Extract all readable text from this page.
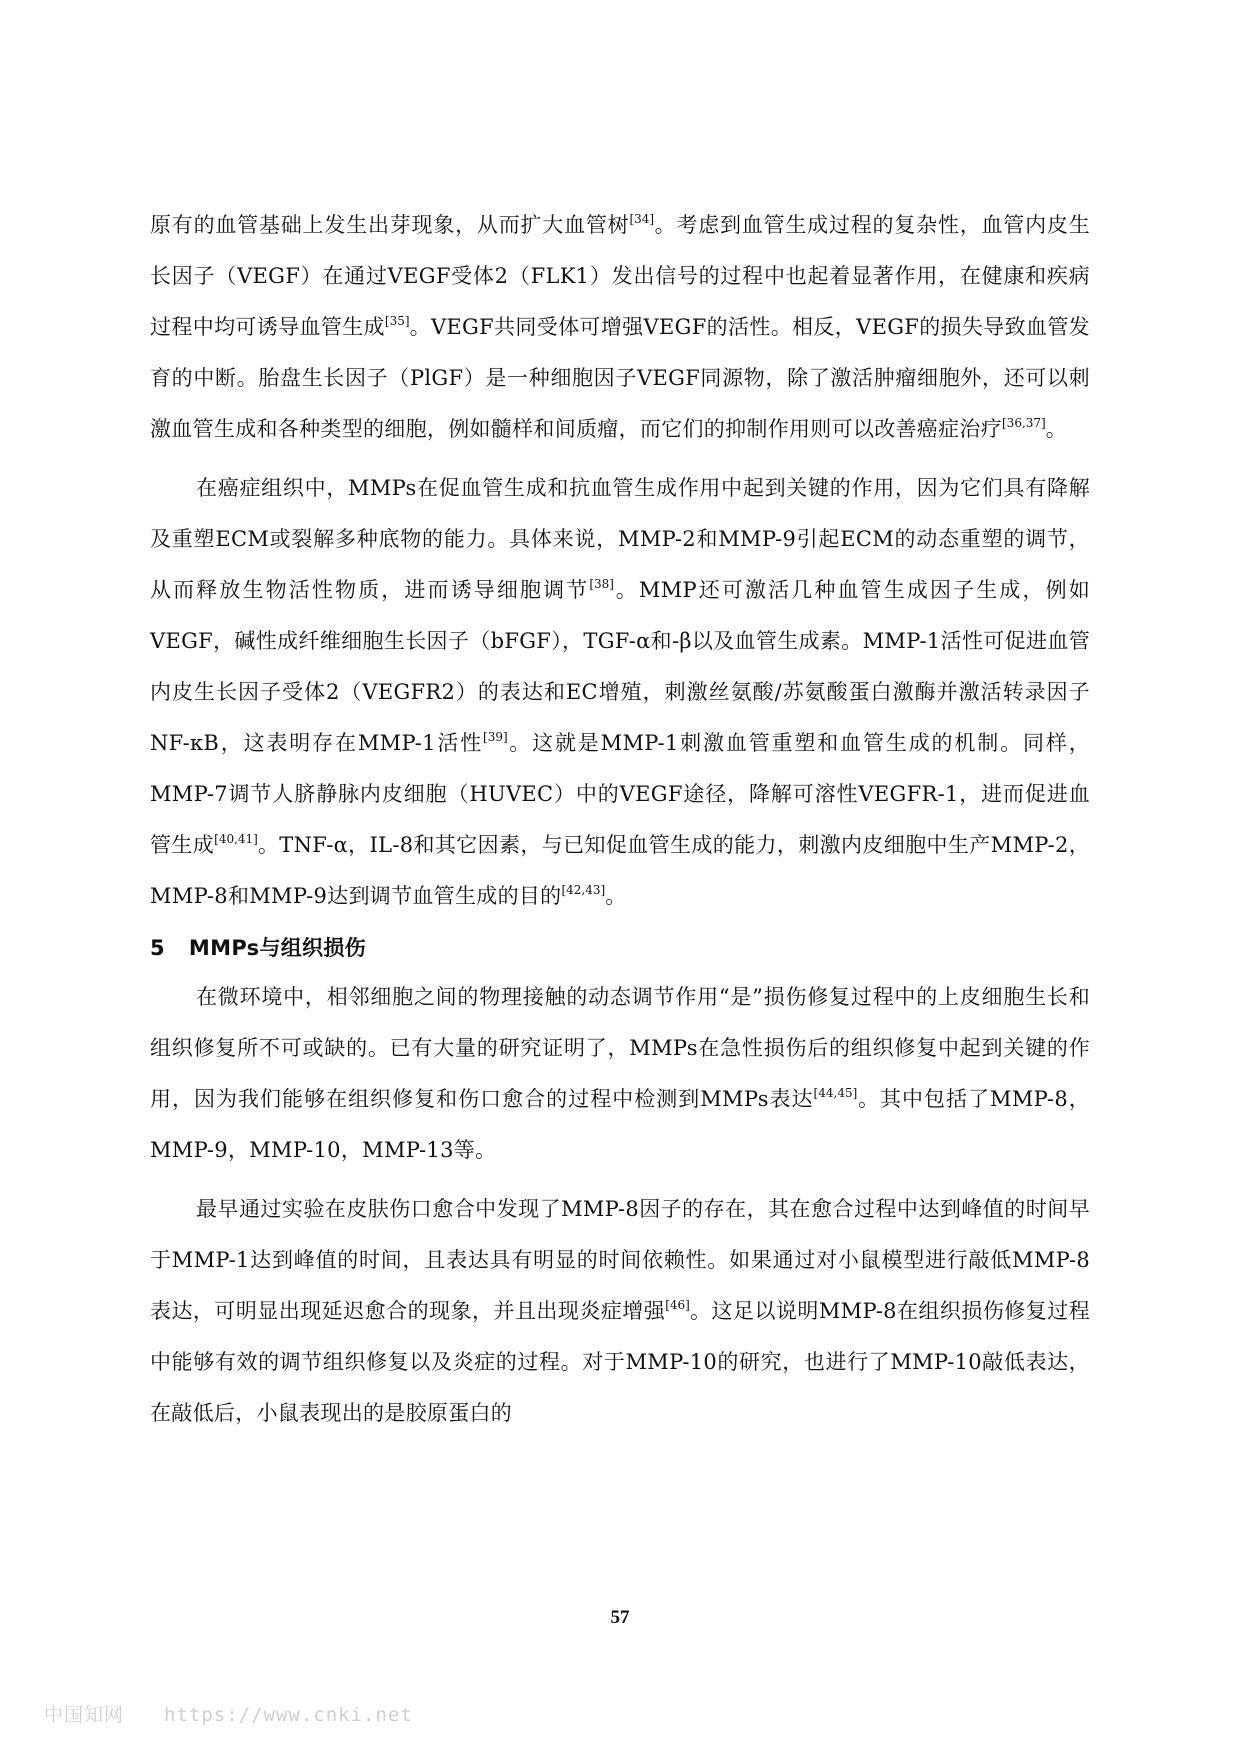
原有的血管基础上发生出芽现象，从而扩大血管树[34]。考虑到血管生成过程的复杂性，血管内皮生长因子（VEGF）在通过VEGF受体2（FLK1）发出信号的过程中也起着显著作用，在健康和疾病过程中均可诱导血管生成[35]。VEGF共同受体可增强VEGF的活性。相反，VEGF的损失导致血管发育的中断。胎盘生长因子（PlGF）是一种细胞因子VEGF同源物，除了激活肿瘤细胞外，还可以刺激血管生成和各种类型的细胞，例如髓样和间质瘤，而它们的抑制作用则可以改善癌症治疗[36,37]。

在癌症组织中，MMPs在促血管生成和抗血管生成作用中起到关键的作用，因为它们具有降解及重塑ECM或裂解多种底物的能力。具体来说，MMP-2和MMP-9引起ECM的动态重塑的调节，从而释放生物活性物质，进而诱导细胞调节[38]。MMP还可激活几种血管生成因子生成，例如VEGF，碱性成纤维细胞生长因子（bFGF），TGF-α和-β以及血管生成素。MMP-1活性可促进血管内皮生长因子受体2（VEGFR2）的表达和EC增殖，刺激丝氨酸/苏氨酸蛋白激酶并激活转录因子NF-κB，这表明存在MMP-1活性[39]。这就是MMP-1刺激血管重塑和血管生成的机制。同样，MMP-7调节人脐静脉内皮细胞（HUVEC）中的VEGF途径，降解可溶性VEGFR-1，进而促进血管生成[40,41]。TNF-α，IL-8和其它因素，与已知促血管生成的能力，刺激内皮细胞中生产MMP-2，MMP-8和MMP-9达到调节血管生成的目的[42,43]。

5 MMPs与组织损伤

在微环境中，相邻细胞之间的物理接触的动态调节作用“是”损伤修复过程中的上皮细胞生长和组织修复所不可或缺的。已有大量的研究证明了，MMPs在急性损伤后的组织修复中起到关键的作用，因为我们能够在组织修复和伤口愈合的过程中检测到MMPs表达[44,45]。其中包括了MMP-8，MMP-9，MMP-10，MMP-13等。

最早通过实验在皮肤伤口愈合中发现了MMP-8因子的存在，其在愈合过程中达到峰值的时间早于MMP-1达到峰值的时间，且表达具有明显的时间依赖性。如果通过对小鼠模型进行敲低MMP-8表达，可明显出现延迟愈合的现象，并且出现炎症增强[46]。这足以说明MMP-8在组织损伤修复过程中能够有效的调节组织修复以及炎症的过程。对于MMP-10的研究，也进行了MMP-10敲低表达，在敲低后，小鼠表现出的是胶原蛋白的

57
中国知网 https://www.cnki.net
